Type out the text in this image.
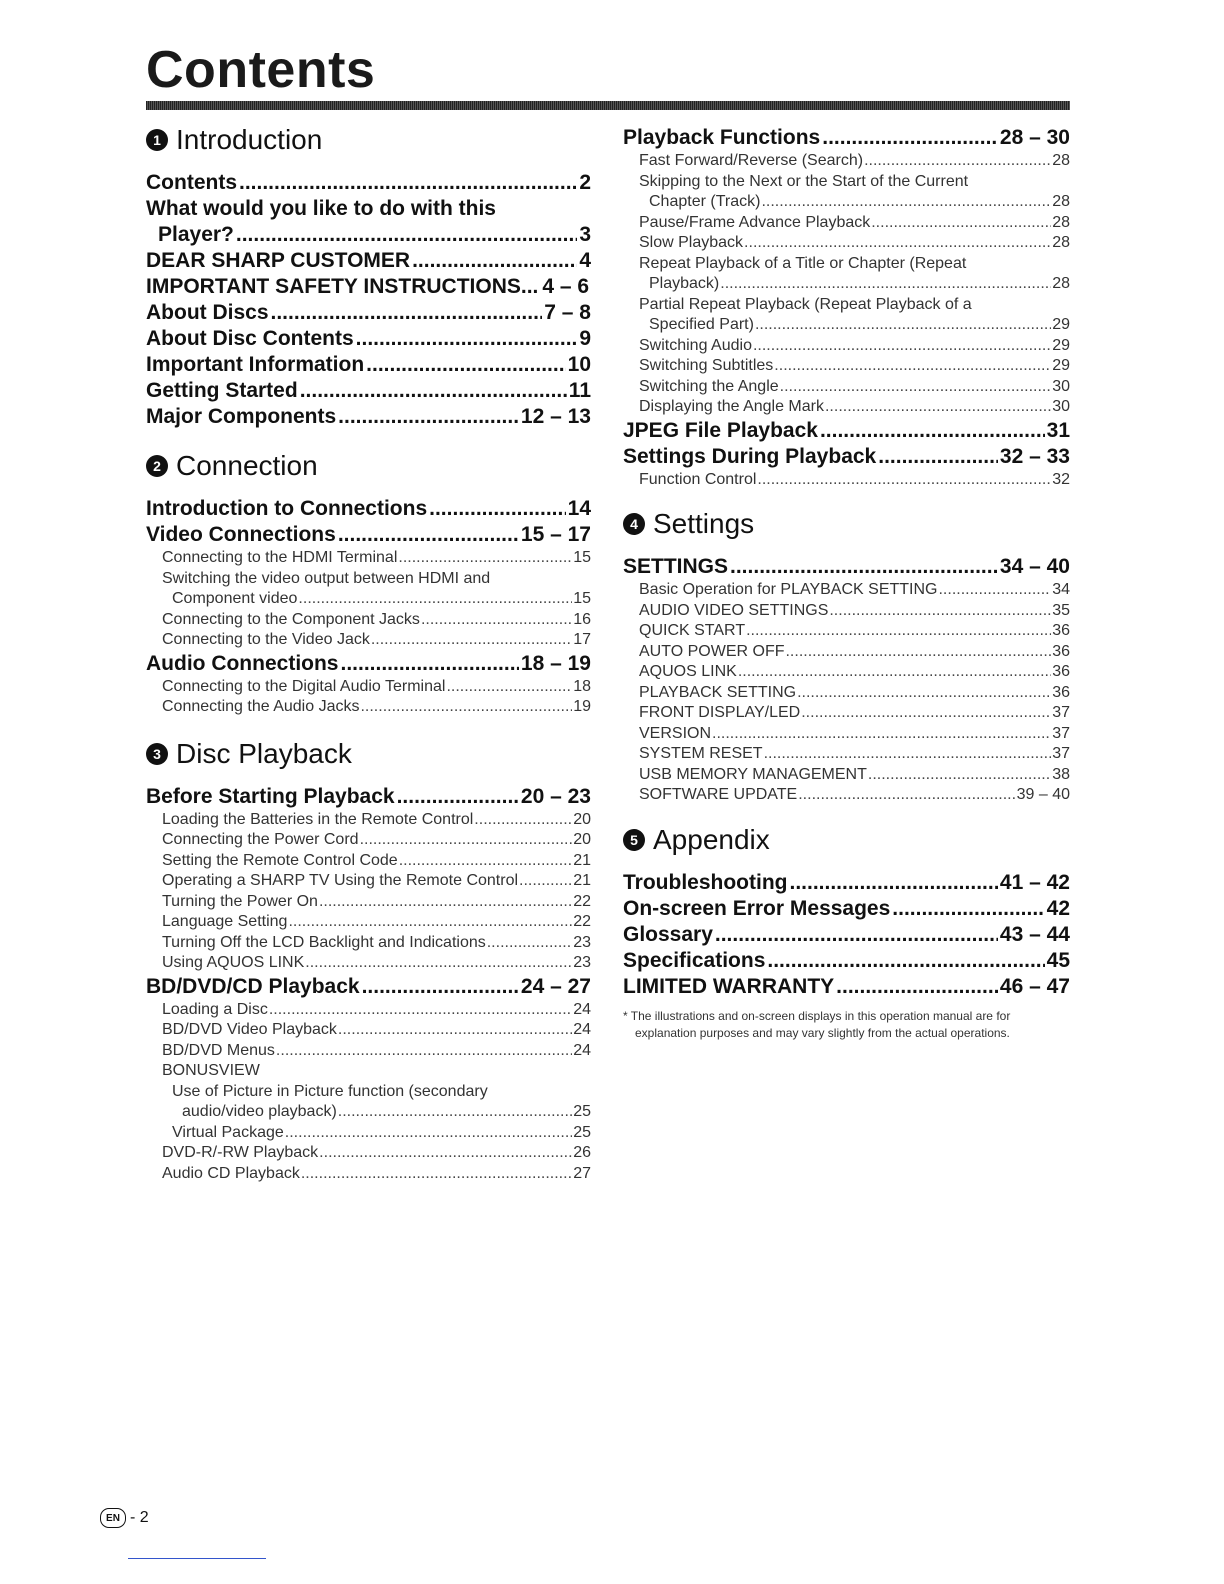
Contents
1 Introduction
Contents .....	2
What would you like to do with this
Player? .....	3
DEAR SHARP CUSTOMER .....	4
IMPORTANT SAFETY INSTRUCTIONS... 4 – 6
About Discs .....	7 – 8
About Disc Contents .....	9
Important Information .....	10
Getting Started .....	11
Major Components .....	12 – 13
2 Connection
Introduction to Connections .....	14
Video Connections .....	15 – 17
Connecting to the HDMI Terminal .....	15
Switching the video output between HDMI and
Component video .....	15
Connecting to the Component Jacks .....	16
Connecting to the Video Jack .....	17
Audio Connections .....	18 – 19
Connecting to the Digital Audio Terminal .....	18
Connecting the Audio Jacks .....	19
3 Disc Playback
Before Starting Playback .....	20 – 23
Loading the Batteries in the Remote Control .....	20
Connecting the Power Cord .....	20
Setting the Remote Control Code .....	21
Operating a SHARP TV Using the Remote Control .....	21
Turning the Power On .....	22
Language Setting .....	22
Turning Off the LCD Backlight and Indications .....	23
Using AQUOS LINK .....	23
BD/DVD/CD Playback .....	24 – 27
Loading a Disc .....	24
BD/DVD Video Playback .....	24
BD/DVD Menus .....	24
BONUSVIEW
Use of Picture in Picture function (secondary
audio/video playback) .....	25
Virtual Package .....	25
DVD-R/-RW Playback .....	26
Audio CD Playback .....	27
Playback Functions .....	28 – 30
Fast Forward/Reverse (Search) .....	28
Skipping to the Next or the Start of the Current
Chapter (Track) .....	28
Pause/Frame Advance Playback .....	28
Slow Playback .....	28
Repeat Playback of a Title or Chapter (Repeat
Playback) .....	28
Partial Repeat Playback (Repeat Playback of a
Specified Part) .....	29
Switching Audio .....	29
Switching Subtitles .....	29
Switching the Angle .....	30
Displaying the Angle Mark .....	30
JPEG File Playback .....	31
Settings During Playback .....	32 – 33
Function Control .....	32
4 Settings
SETTINGS .....	34 – 40
Basic Operation for PLAYBACK SETTING .....	34
AUDIO VIDEO SETTINGS .....	35
QUICK START .....	36
AUTO POWER OFF .....	36
AQUOS LINK .....	36
PLAYBACK SETTING .....	36
FRONT DISPLAY/LED .....	37
VERSION .....	37
SYSTEM RESET .....	37
USB MEMORY MANAGEMENT .....	38
SOFTWARE UPDATE .....	39 – 40
5 Appendix
Troubleshooting .....	41 – 42
On-screen Error Messages .....	42
Glossary .....	43 – 44
Specifications .....	45
LIMITED WARRANTY .....	46 – 47
* The illustrations and on-screen displays in this operation manual are for explanation purposes and may vary slightly from the actual operations.
EN - 2
